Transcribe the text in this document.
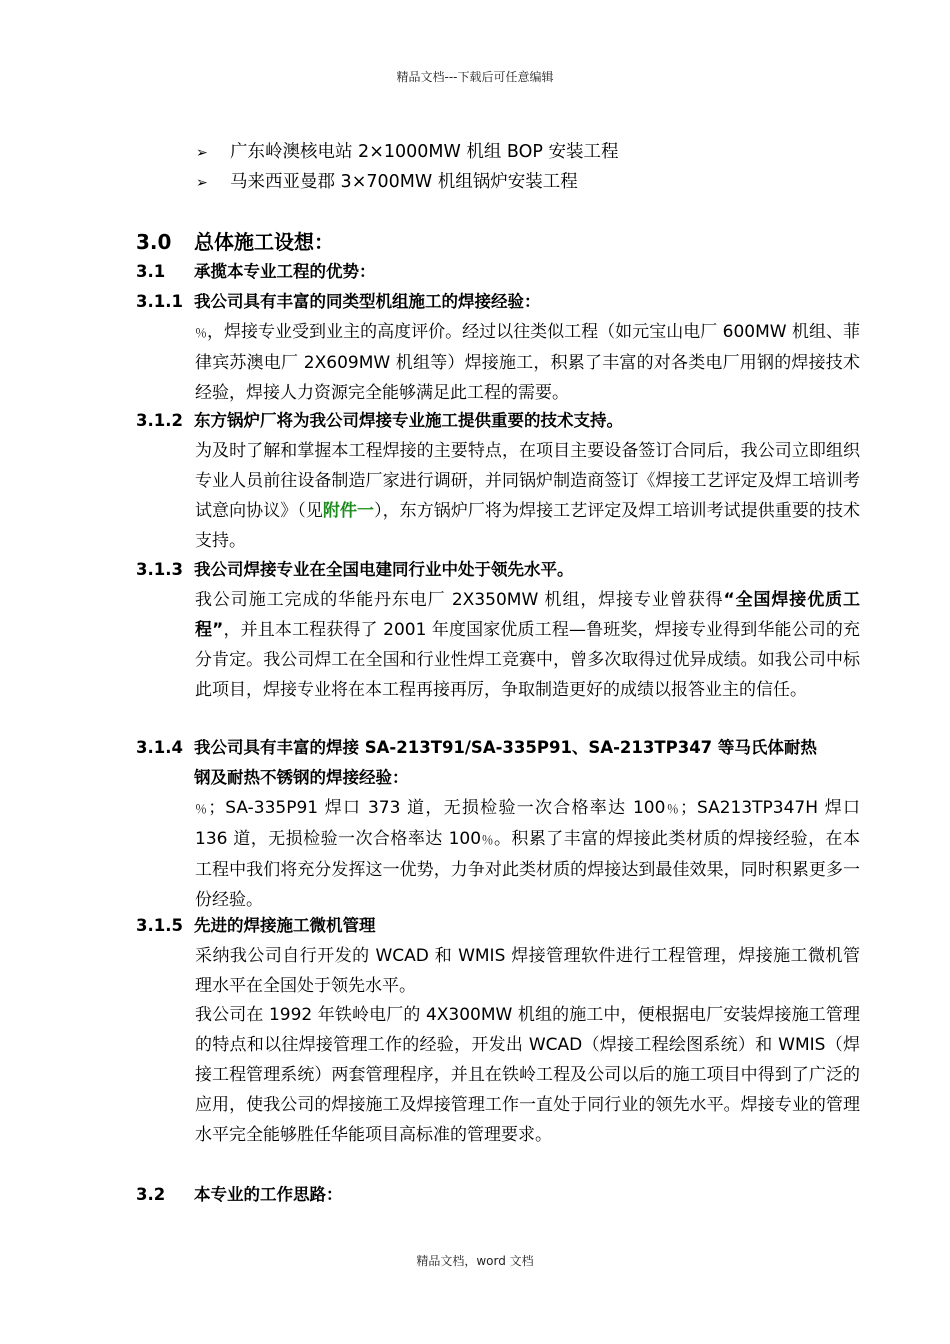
精品文档---下载后可任意编辑
➢ 广东岭澳核电站 2×1000MW 机组 BOP 安装工程
➢ 马来西亚曼郡 3×700MW 机组锅炉安装工程
3.0 总体施工设想：
3.1 承揽本专业工程的优势：
3.1.1 我公司具有丰富的同类型机组施工的焊接经验：
％，焊接专业受到业主的高度评价。经过以往类似工程（如元宝山电厂 600MW 机组、菲律宾苏澳电厂 2X609MW 机组等）焊接施工，积累了丰富的对各类电厂用钢的焊接技术经验，焊接人力资源完全能够满足此工程的需要。
3.1.2 东方锅炉厂将为我公司焊接专业施工提供重要的技术支持。
为及时了解和掌握本工程焊接的主要特点，在项目主要设备签订合同后，我公司立即组织专业人员前往设备制造厂家进行调研，并同锅炉制造商签订《焊接工艺评定及焊工培训考试意向协议》（见附件一），东方锅炉厂将为焊接工艺评定及焊工培训考试提供重要的技术支持。
3.1.3 我公司焊接专业在全国电建同行业中处于领先水平。
我公司施工完成的华能丹东电厂 2X350MW 机组，焊接专业曾获得“全国焊接优质工程”，并且本工程获得了 2001 年度国家优质工程—鲁班奖，焊接专业得到华能公司的充分肯定。我公司焊工在全国和行业性焊工竞赛中，曾多次取得过优异成绩。如我公司中标此项目，焊接专业将在本工程再接再厉，争取制造更好的成绩以报答业主的信任。
3.1.4 我公司具有丰富的焊接 SA-213T91/SA-335P91、SA-213TP347 等马氏体耐热
钢及耐热不锈钢的焊接经验：
％；SA-335P91 焊口 373 道，无损检验一次合格率达 100％；SA213TP347H 焊口 136 道，无损检验一次合格率达 100％。积累了丰富的焊接此类材质的焊接经验，在本工程中我们将充分发挥这一优势，力争对此类材质的焊接达到最佳效果，同时积累更多一份经验。
3.1.5 先进的焊接施工微机管理
采纳我公司自行开发的 WCAD 和 WMIS 焊接管理软件进行工程管理，焊接施工微机管理水平在全国处于领先水平。
我公司在 1992 年铁岭电厂的 4X300MW 机组的施工中，便根据电厂安装焊接施工管理的特点和以往焊接管理工作的经验，开发出 WCAD（焊接工程绘图系统）和 WMIS（焊接工程管理系统）两套管理程序，并且在铁岭工程及公司以后的施工项目中得到了广泛的应用，使我公司的焊接施工及焊接管理工作一直处于同行业的领先水平。焊接专业的管理水平完全能够胜任华能项目高标准的管理要求。
3.2 本专业的工作思路：
精品文档，word 文档
